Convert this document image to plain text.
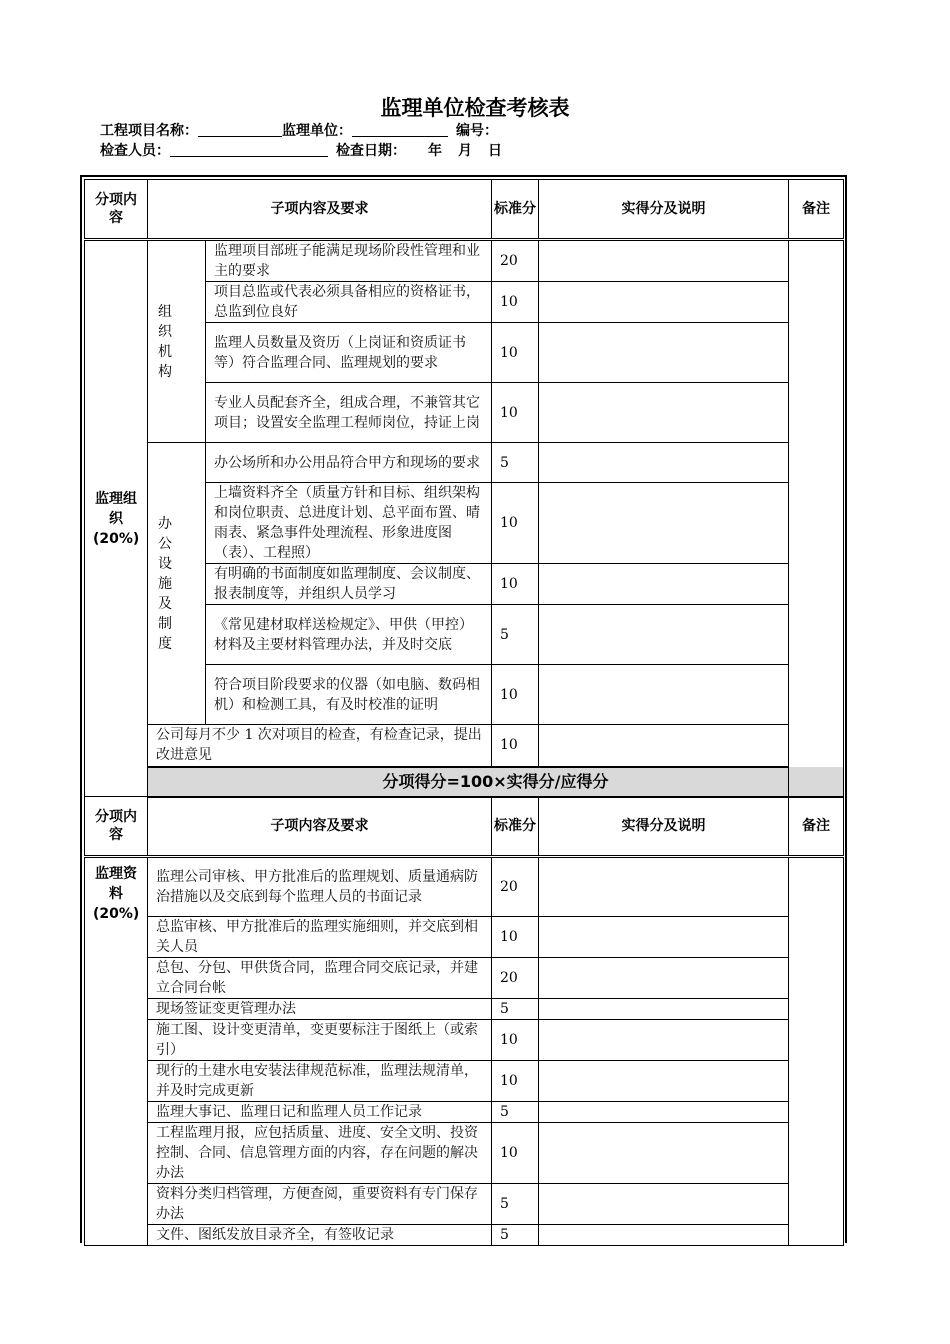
监理单位检查考核表
工程项目名称：	监理单位：	编号：
检查人员：	检查日期： 年 月 日
分项内容	子项内容及要求		标准分	实得分及说明	备注
监理组织(20%)	组 织 机构	监理项目部班子能满足现场阶段性管理和业主的要求	20		
		项目总监或代表必须具备相应的资格证书，总监到位良好	10		
		监理人员数量及资历（上岗证和资质证书等）符合监理合同、监理规划的要求	10		
		专业人员配套齐全，组成合理，不兼管其它项目；设置安全监理工程师岗位，持证上岗	10		
	办 公 设 施 及 制 度	办公场所和办公用品符合甲方和现场的要求	5		
		上墙资料齐全（质量方针和目标、组织架构和岗位职责、总进度计划、总平面布置、晴雨表、紧急事件处理流程、形象进度图（表）、工程照）	10		
		有明确的书面制度如监理制度、会议制度、报表制度等，并组织人员学习	10		
		《常见建材取样送检规定》、甲供（甲控）材料及主要材料管理办法，并及时交底	5		
		符合项目阶段要求的仪器（如电脑、数码相机）和检测工具，有及时校准的证明	10		
	公司每月不少 1 次对项目的检查，有检查记录，提出改进意见		10		
	分项得分=100×实得分/应得分				
分项内容	子项内容及要求		标准分	实得分及说明	备注
监理资料(20%)	监理公司审核、甲方批准后的监理规划、质量通病防治措施以及交底到每个监理人员的书面记录		20		
	总监审核、甲方批准后的监理实施细则，并交底到相关人员		10		
	总包、分包、甲供货合同，监理合同交底记录，并建立合同台帐		20		
	现场签证变更管理办法		5		
	施工图、设计变更清单，变更要标注于图纸上（或索引）		10		
	现行的土建水电安装法律规范标准，监理法规清单，并及时完成更新		10		
	监理大事记、监理日记和监理人员工作记录		5		
	工程监理月报，应包括质量、进度、安全文明、投资控制、合同、信息管理方面的内容，存在问题的解决办法		10		
	资料分类归档管理，方便查阅，重要资料有专门保存办法		5		
	文件、图纸发放目录齐全，有签收记录		5		
